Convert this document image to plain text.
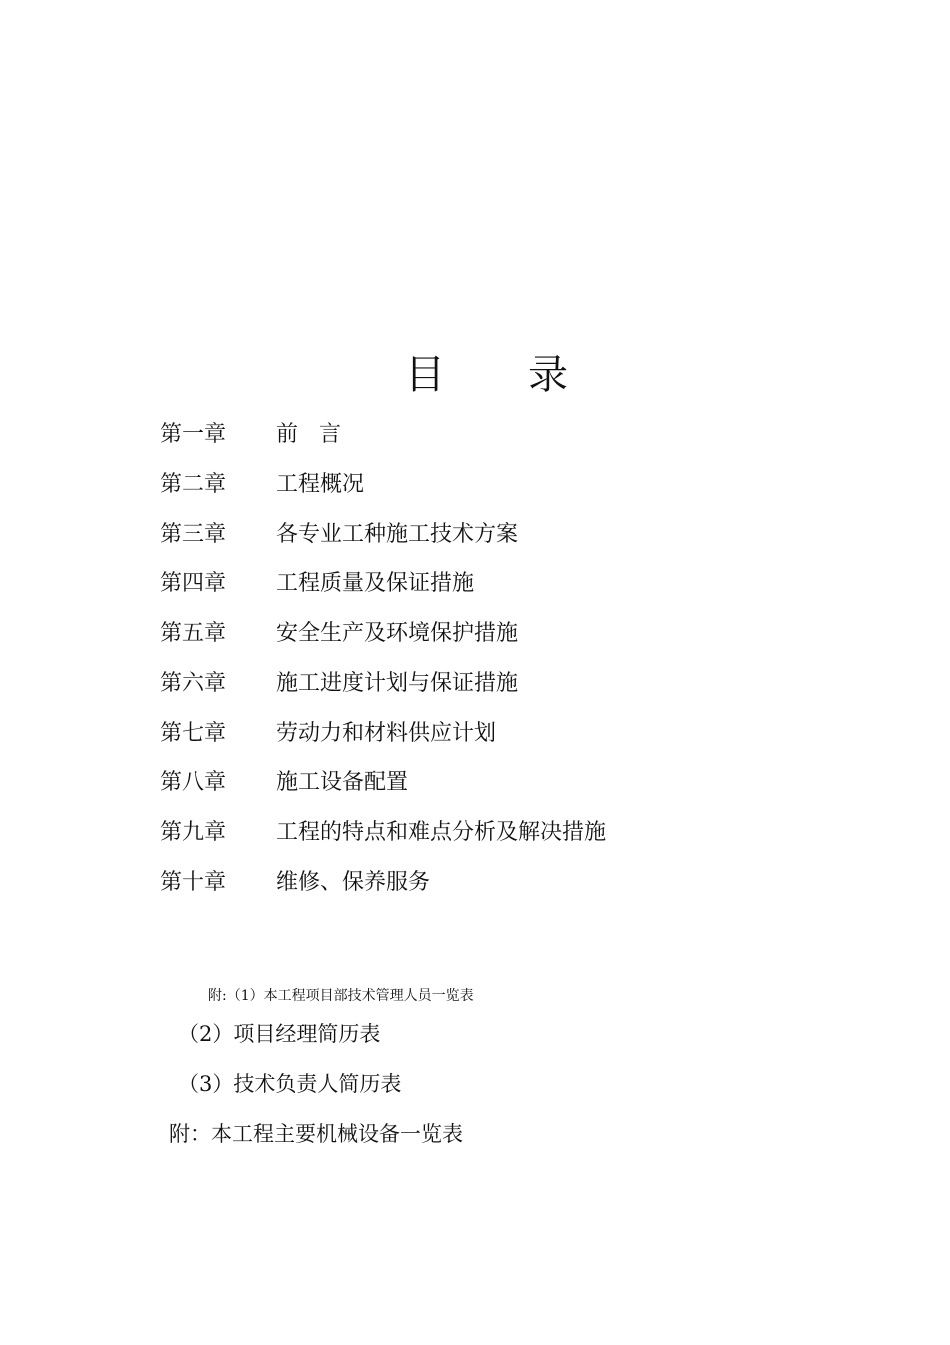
目 录
第一章	前   言
第二章	工程概况
第三章	各专业工种施工技术方案
第四章	工程质量及保证措施
第五章	安全生产及环境保护措施
第六章	施工进度计划与保证措施
第七章	劳动力和材料供应计划
第八章	施工设备配置
第九章	工程的特点和难点分析及解决措施
第十章	维修、保养服务
附:（1）本工程项目部技术管理人员一览表
（2）项目经理简历表
（3）技术负责人简历表
附：本工程主要机械设备一览表
